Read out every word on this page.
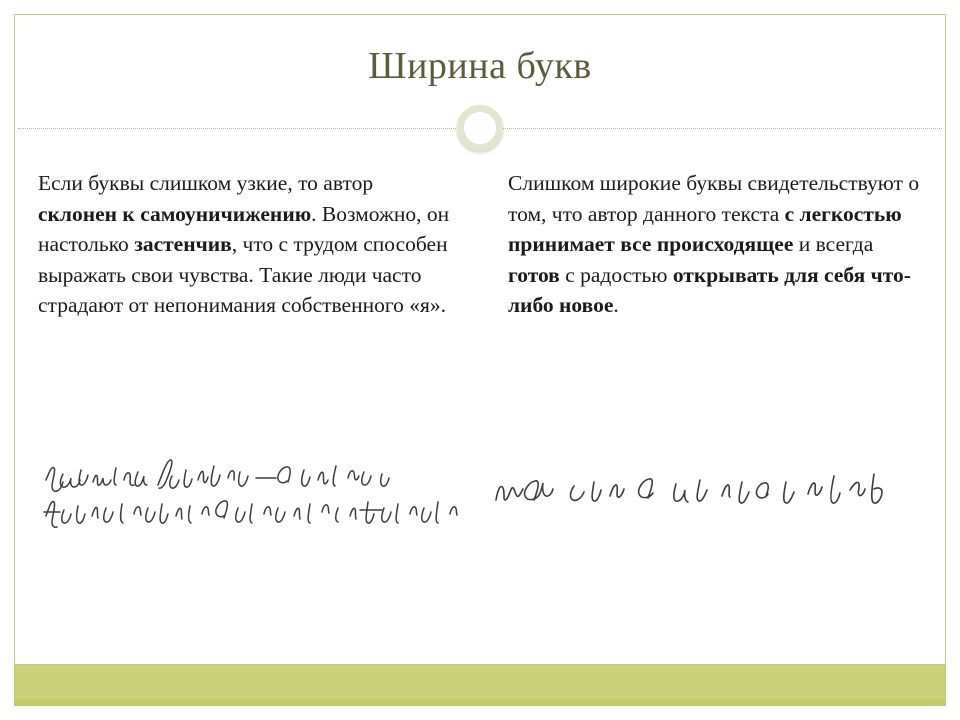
Ширина букв
Если буквы слишком узкие, то автор склонен к самоуничижению. Возможно, он настолько застенчив, что с трудом способен выражать свои чувства. Такие люди часто страдают от непонимания собственного «я».
Слишком широкие буквы свидетельствуют о том, что автор данного текста с легкостью принимает все происходящее и всегда готов с радостью открывать для себя что-либо новое.
